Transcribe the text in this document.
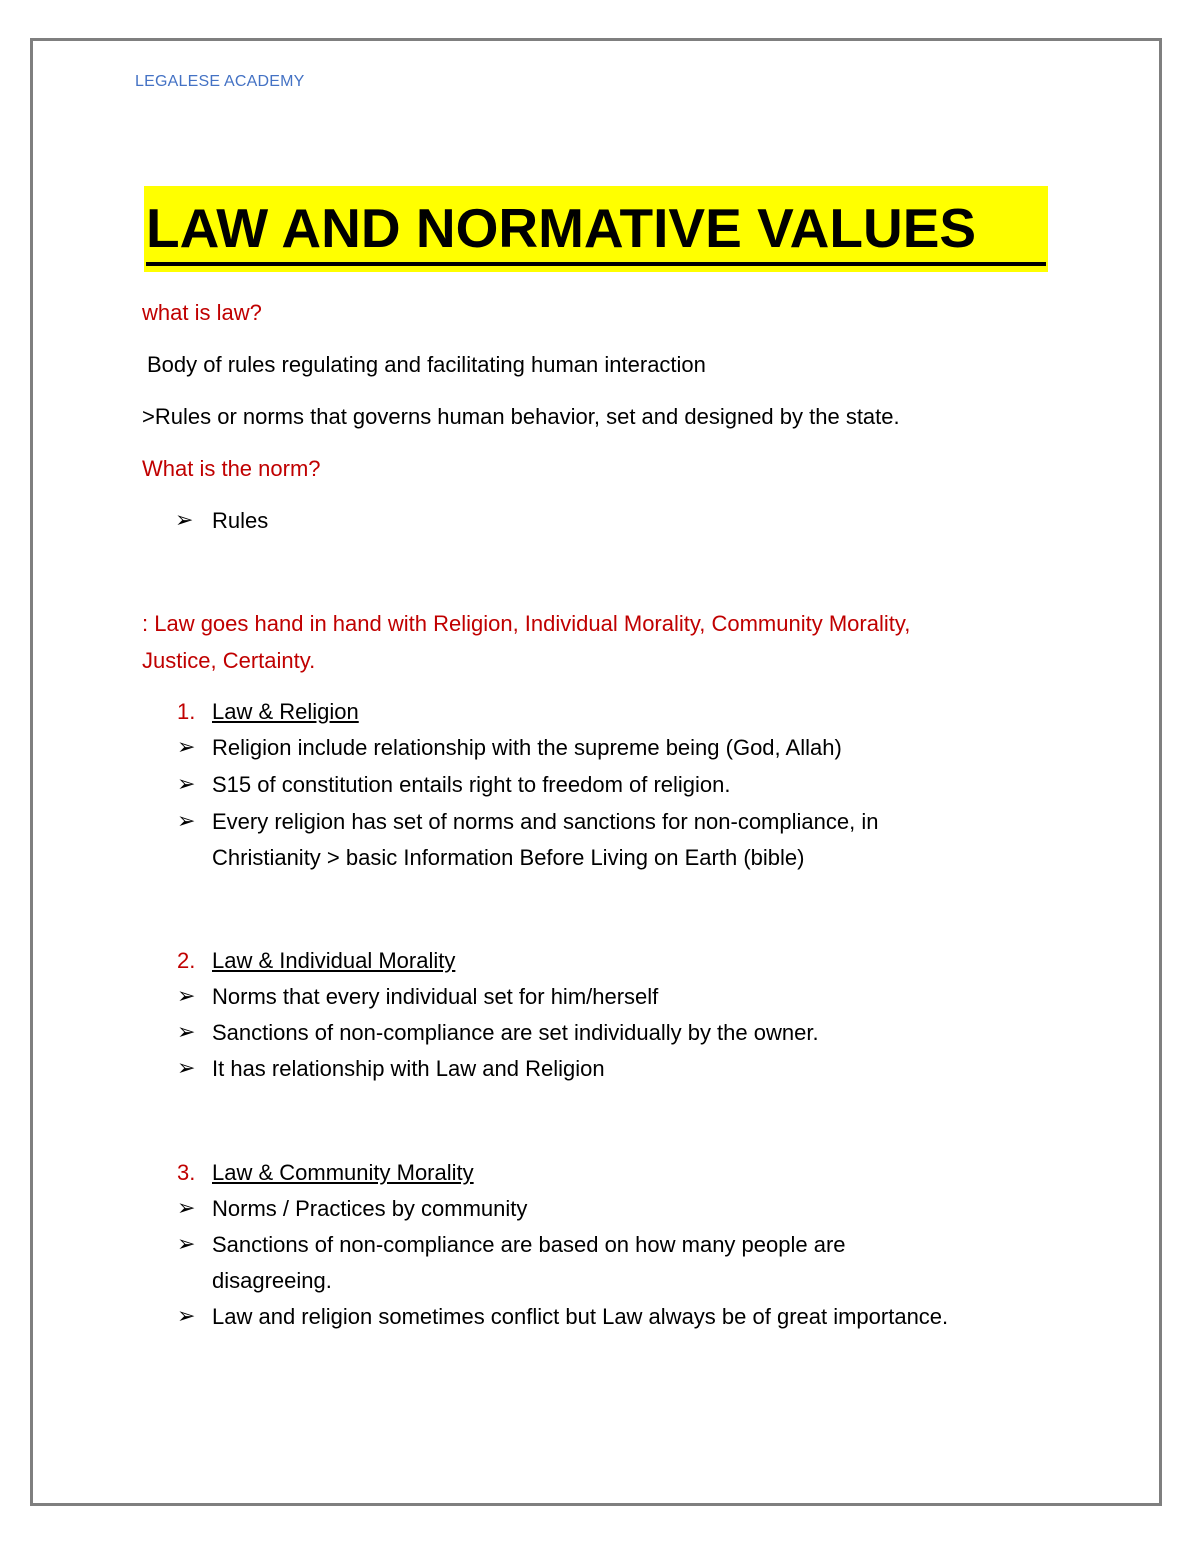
LEGALESE ACADEMY
LAW AND NORMATIVE VALUES
what is law?
Body of rules regulating and facilitating human interaction
>Rules or norms that governs human behavior, set and designed by the state.
What is the norm?
➢ Rules
: Law goes hand in hand with Religion, Individual Morality, Community Morality,
Justice, Certainty.
1. Law & Religion
➢ Religion include relationship with the supreme being (God, Allah)
➢ S15 of constitution entails right to freedom of religion.
➢ Every religion has set of norms and sanctions for non-compliance, in
Christianity > basic Information Before Living on Earth (bible)
2. Law & Individual Morality
➢ Norms that every individual set for him/herself
➢ Sanctions of non-compliance are set individually by the owner.
➢ It has relationship with Law and Religion
3. Law & Community Morality
➢ Norms / Practices by community
➢ Sanctions of non-compliance are based on how many people are
disagreeing.
➢ Law and religion sometimes conflict but Law always be of great importance.
